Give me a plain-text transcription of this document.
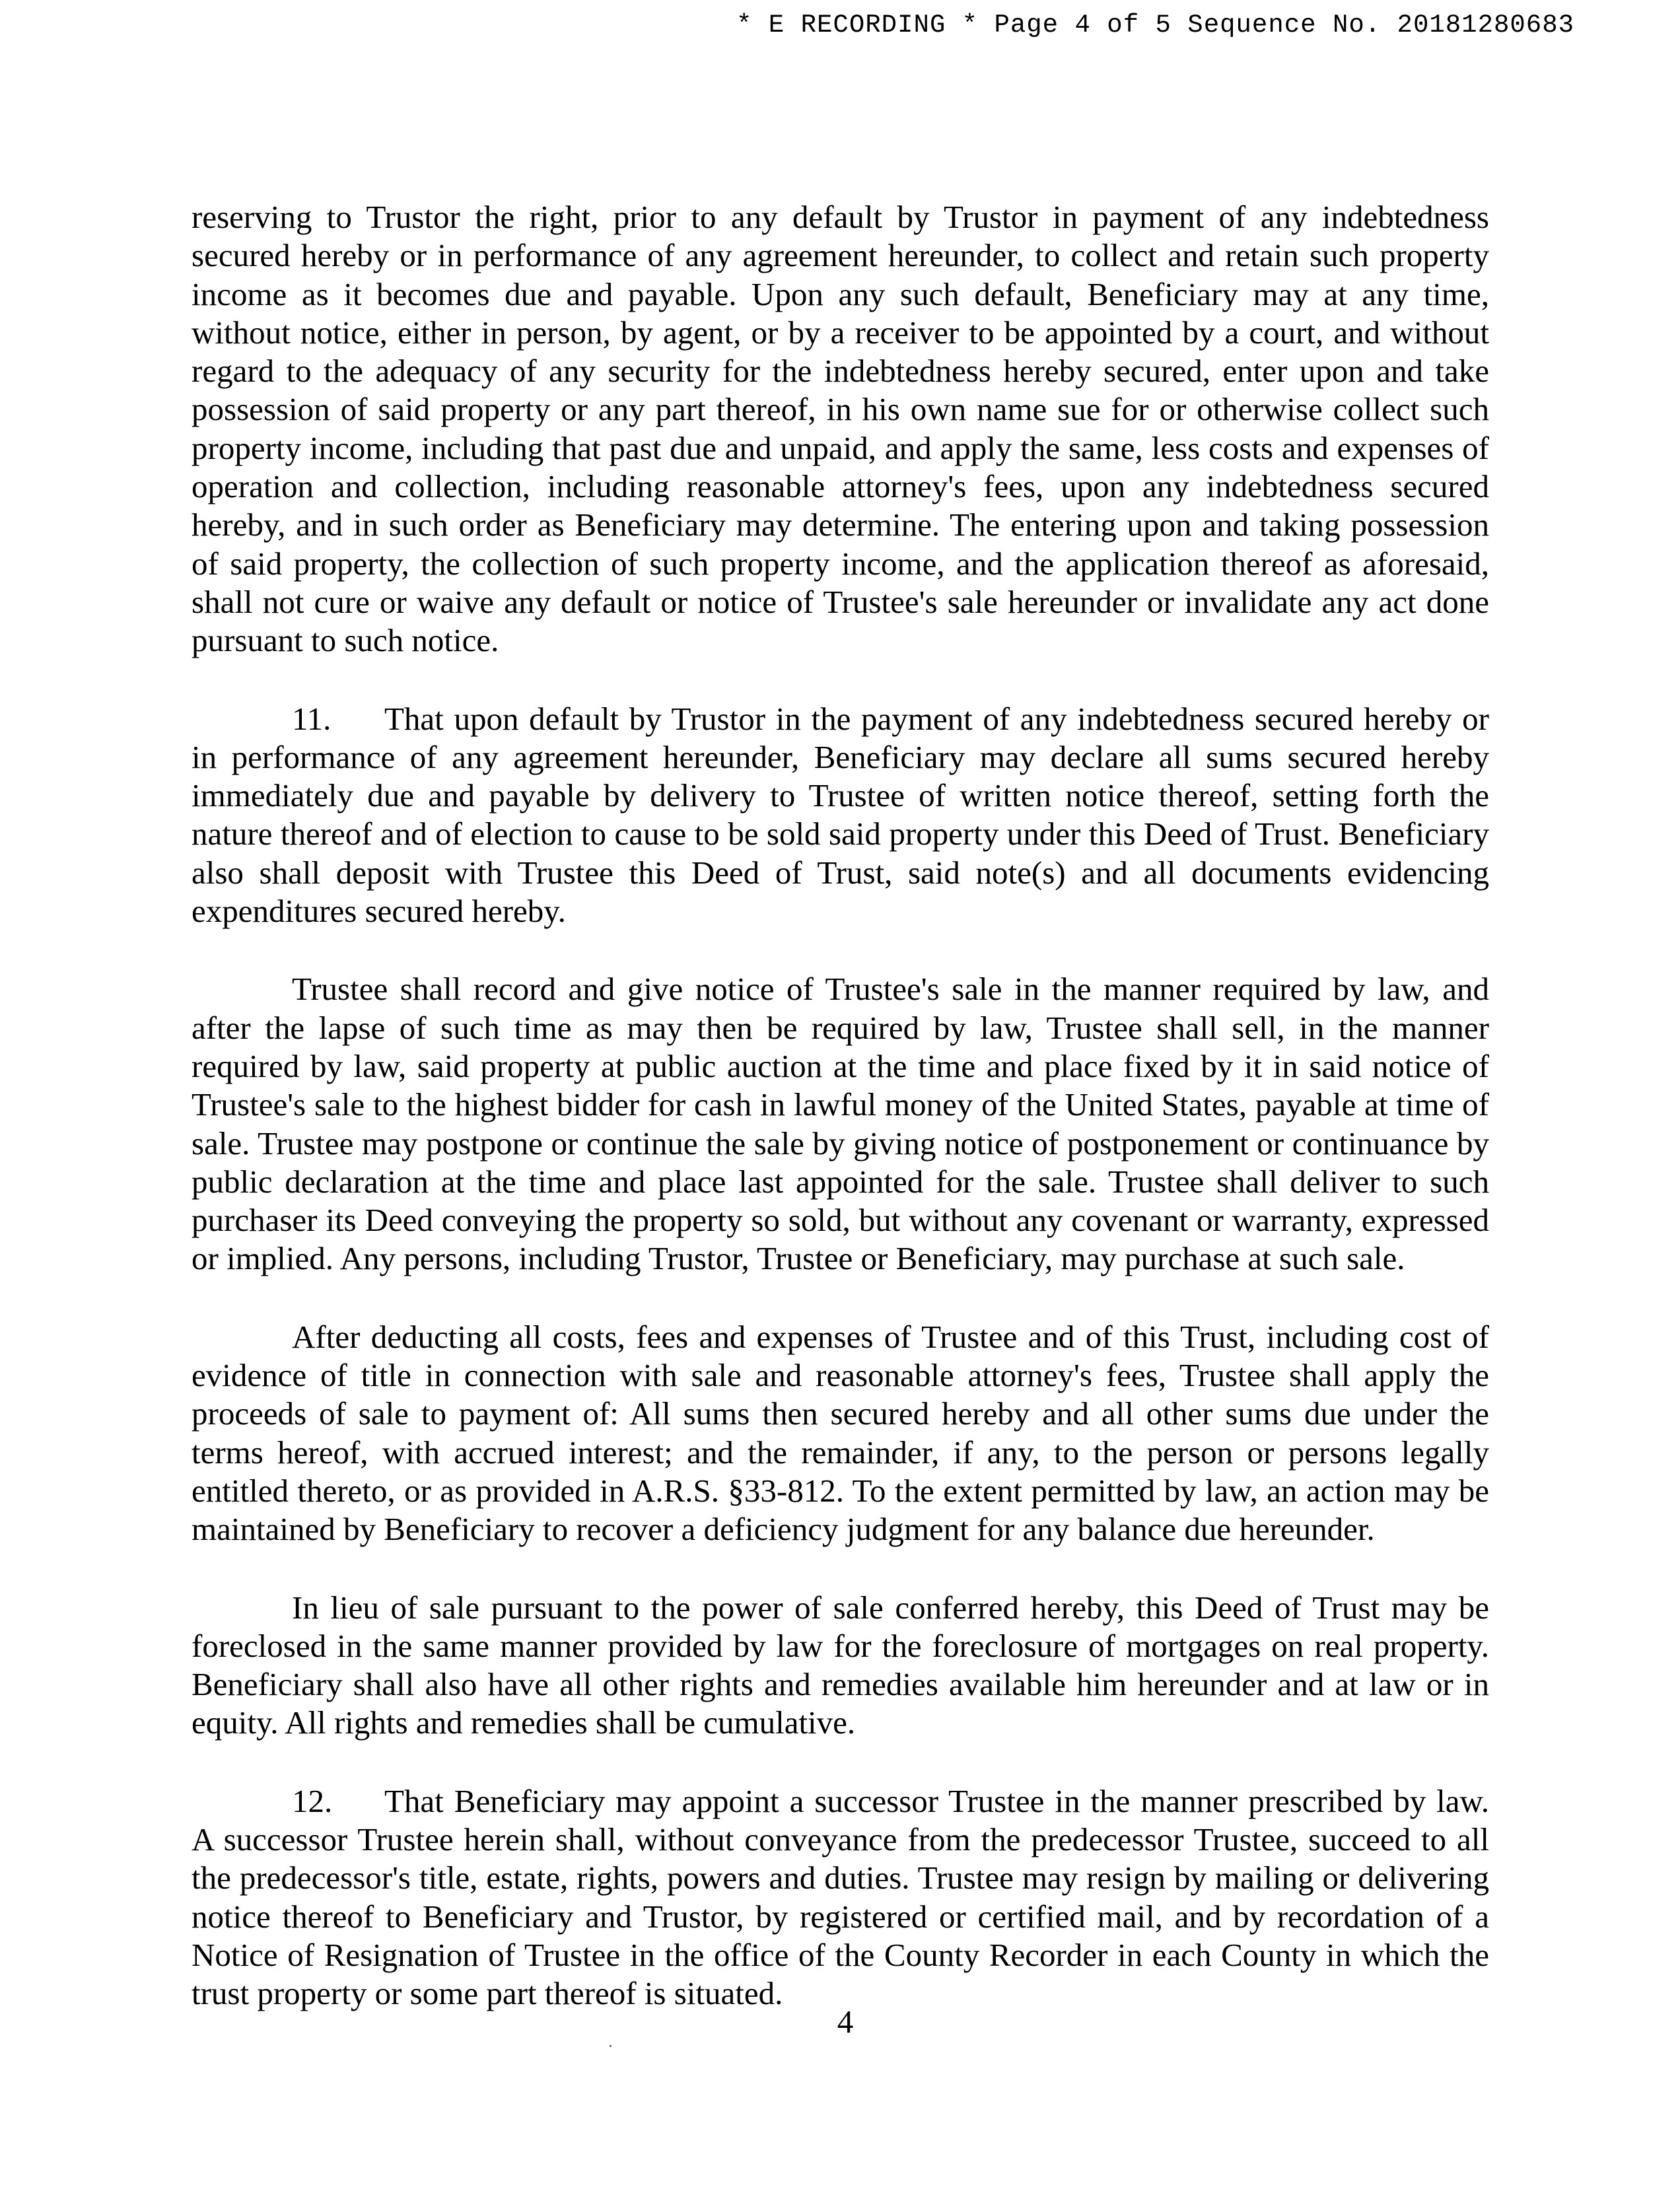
* E RECORDING * Page 4 of 5 Sequence No. 20181280683

reserving to Trustor the right, prior to any default by Trustor in payment of any indebtedness secured hereby or in performance of any agreement hereunder, to collect and retain such property income as it becomes due and payable. Upon any such default, Beneficiary may at any time, without notice, either in person, by agent, or by a receiver to be appointed by a court, and without regard to the adequacy of any security for the indebtedness hereby secured, enter upon and take possession of said property or any part thereof, in his own name sue for or otherwise collect such property income, including that past due and unpaid, and apply the same, less costs and expenses of operation and collection, including reasonable attorney's fees, upon any indebtedness secured hereby, and in such order as Beneficiary may determine. The entering upon and taking possession of said property, the collection of such property income, and the application thereof as aforesaid, shall not cure or waive any default or notice of Trustee's sale hereunder or invalidate any act done pursuant to such notice.

11. That upon default by Trustor in the payment of any indebtedness secured hereby or in performance of any agreement hereunder, Beneficiary may declare all sums secured hereby immediately due and payable by delivery to Trustee of written notice thereof, setting forth the nature thereof and of election to cause to be sold said property under this Deed of Trust. Beneficiary also shall deposit with Trustee this Deed of Trust, said note(s) and all documents evidencing expenditures secured hereby.

Trustee shall record and give notice of Trustee's sale in the manner required by law, and after the lapse of such time as may then be required by law, Trustee shall sell, in the manner required by law, said property at public auction at the time and place fixed by it in said notice of Trustee's sale to the highest bidder for cash in lawful money of the United States, payable at time of sale. Trustee may postpone or continue the sale by giving notice of postponement or continuance by public declaration at the time and place last appointed for the sale. Trustee shall deliver to such purchaser its Deed conveying the property so sold, but without any covenant or warranty, expressed or implied. Any persons, including Trustor, Trustee or Beneficiary, may purchase at such sale.

After deducting all costs, fees and expenses of Trustee and of this Trust, including cost of evidence of title in connection with sale and reasonable attorney's fees, Trustee shall apply the proceeds of sale to payment of: All sums then secured hereby and all other sums due under the terms hereof, with accrued interest; and the remainder, if any, to the person or persons legally entitled thereto, or as provided in A.R.S. §33-812. To the extent permitted by law, an action may be maintained by Beneficiary to recover a deficiency judgment for any balance due hereunder.

In lieu of sale pursuant to the power of sale conferred hereby, this Deed of Trust may be foreclosed in the same manner provided by law for the foreclosure of mortgages on real property. Beneficiary shall also have all other rights and remedies available him hereunder and at law or in equity. All rights and remedies shall be cumulative.

12. That Beneficiary may appoint a successor Trustee in the manner prescribed by law. A successor Trustee herein shall, without conveyance from the predecessor Trustee, succeed to all the predecessor's title, estate, rights, powers and duties. Trustee may resign by mailing or delivering notice thereof to Beneficiary and Trustor, by registered or certified mail, and by recordation of a Notice of Resignation of Trustee in the office of the County Recorder in each County in which the trust property or some part thereof is situated.

4
